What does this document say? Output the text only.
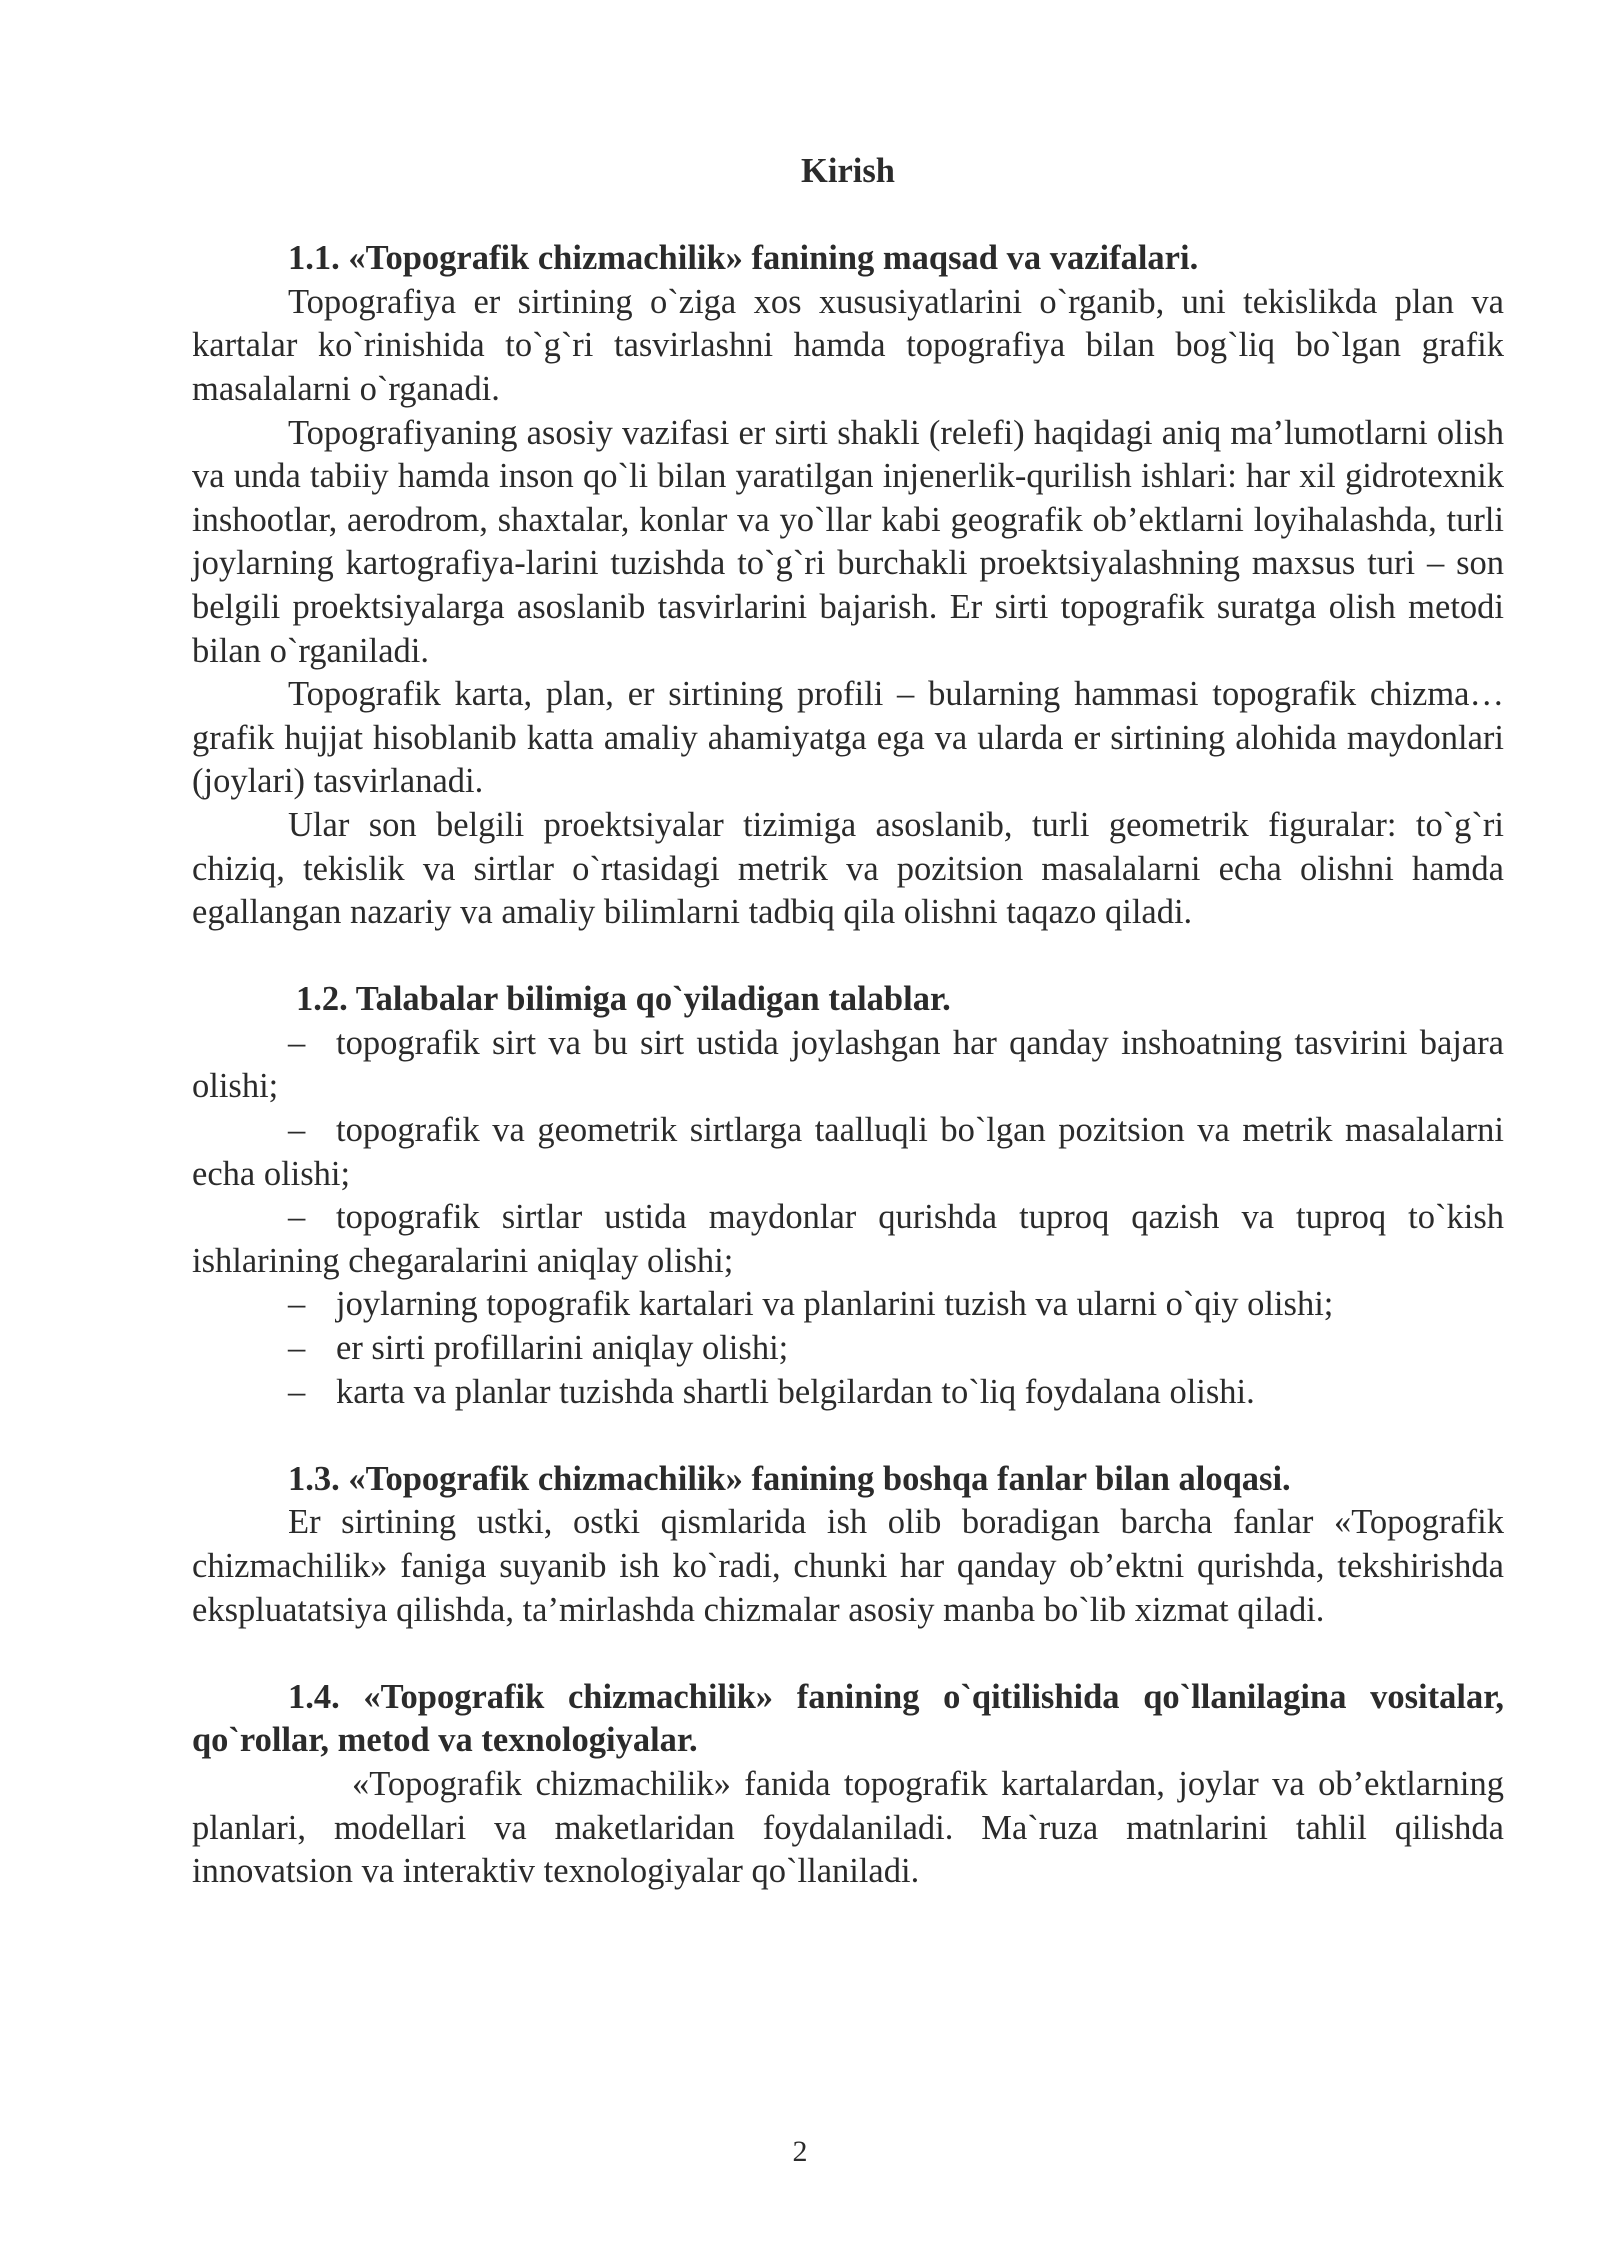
Kirish

1.1. «Topografik chizmachilik» fanining maqsad va vazifalari.

Topografiya er sirtining o`ziga xos xususiyatlarini o`rganib, uni tekislikda plan va kartalar ko`rinishida to`g`ri tasvirlashni hamda topografiya bilan bog`liq bo`lgan grafik masalalarni o`rganadi.

Topografiyaning asosiy vazifasi er sirti shakli (relefi) haqidagi aniq ma’lumotlarni olish va unda tabiiy hamda inson qo`li bilan yaratilgan injenerlik-qurilish ishlari: har xil gidrotexnik inshootlar, aerodrom, shaxtalar, konlar va yo`llar kabi geografik ob’ektlarni loyihalashda, turli joylarning kartografiya-larini tuzishda to`g`ri burchakli proektsiyalashning maxsus turi – son belgili proektsiyalarga asoslanib tasvirlarini bajarish. Er sirti topografik suratga olish metodi bilan o`rganiladi.

Topografik karta, plan, er sirtining profili – bularning hammasi topografik chizma… grafik hujjat hisoblanib katta amaliy ahamiyatga ega va ularda er sirtining alohida maydonlari (joylari) tasvirlanadi.

Ular son belgili proektsiyalar tizimiga asoslanib, turli geometrik figuralar: to`g`ri chiziq, tekislik va sirtlar o`rtasidagi metrik va pozitsion masalalarni echa olishni hamda egallangan nazariy va amaliy bilimlarni tadbiq qila olishni taqazo qiladi.

1.2. Talabalar bilimiga qo`yiladigan talablar.

– topografik sirt va bu sirt ustida joylashgan har qanday inshoatning tasvirini bajara olishi;

– topografik va geometrik sirtlarga taalluqli bo`lgan pozitsion va metrik masalalarni echa olishi;

– topografik sirtlar ustida maydonlar qurishda tuproq qazish va tuproq to`kish ishlarining chegaralarini aniqlay olishi;

– joylarning topografik kartalari va planlarini tuzish va ularni o`qiy olishi;

– er sirti profillarini aniqlay olishi;

– karta va planlar tuzishda shartli belgilardan to`liq foydalana olishi.

1.3. «Topografik chizmachilik» fanining boshqa fanlar bilan aloqasi.

Er sirtining ustki, ostki qismlarida ish olib boradigan barcha fanlar «Topografik chizmachilik» faniga suyanib ish ko`radi, chunki har qanday ob’ektni qurishda, tekshirishda ekspluatatsiya qilishda, ta’mirlashda chizmalar asosiy manba bo`lib xizmat qiladi.

1.4. «Topografik chizmachilik» fanining o`qitilishida qo`llanilagina vositalar, qo`rollar, metod va texnologiyalar.

«Topografik chizmachilik» fanida topografik kartalardan, joylar va ob’ektlarning planlari, modellari va maketlaridan foydalaniladi. Ma`ruza matnlarini tahlil qilishda innovatsion va interaktiv texnologiyalar qo`llaniladi.

2
